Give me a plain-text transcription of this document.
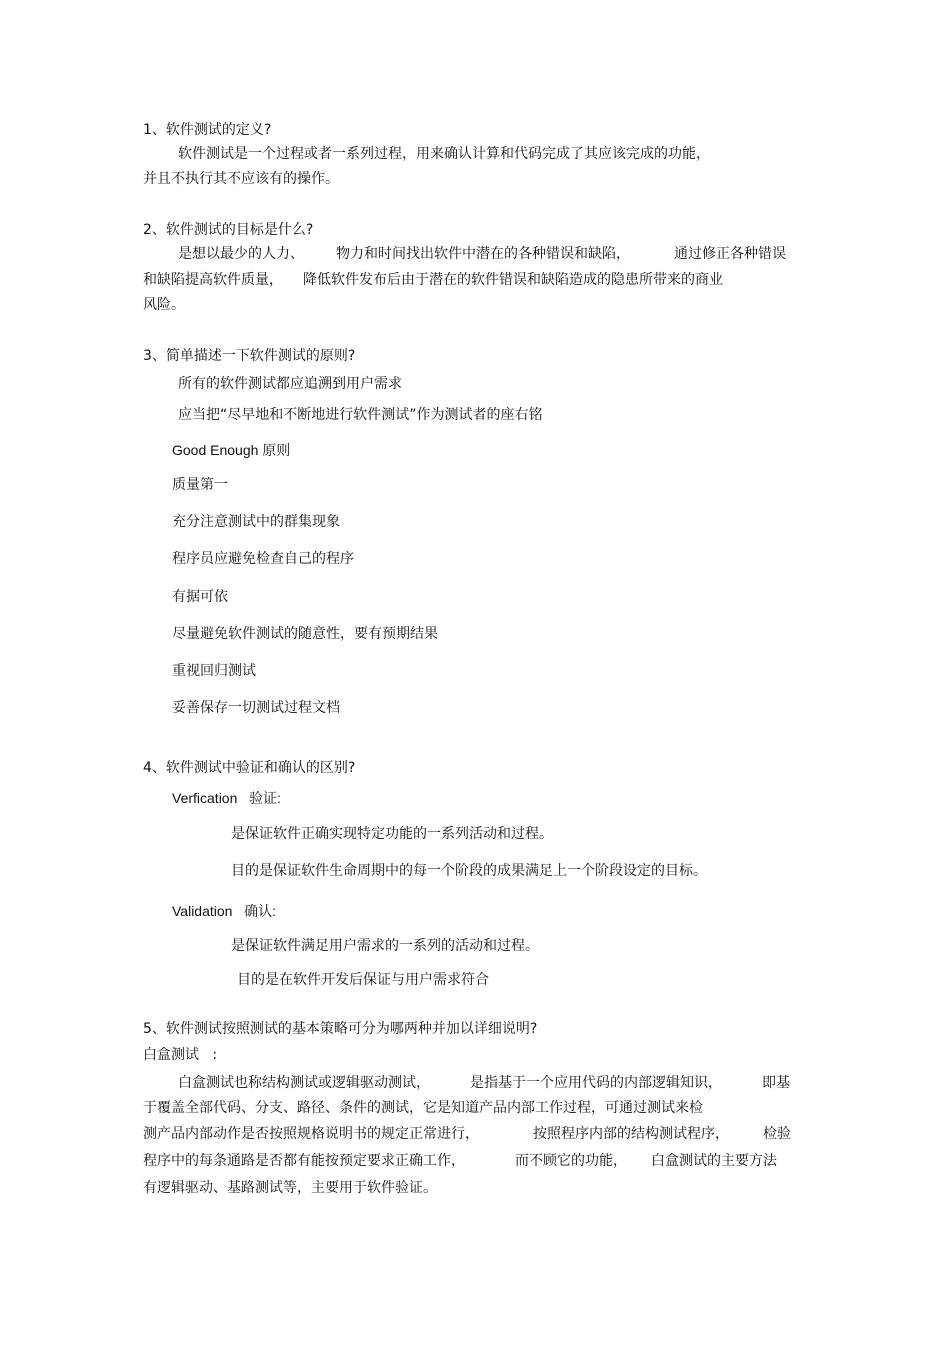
1、软件测试的定义?
软件测试是一个过程或者一系列过程，用来确认计算和代码完成了其应该完成的功能，
并且不执行其不应该有的操作。
2、软件测试的目标是什么?
是想以最少的人力、 物力和时间找出软件中潜在的各种错误和缺陷，	通过修正各种错误
和缺陷提高软件质量， 降低软件发布后由于潜在的软件错误和缺陷造成的隐患所带来的商业
风险。
3、简单描述一下软件测试的原则?
所有的软件测试都应追溯到用户需求
应当把“尽早地和不断地进行软件测试”作为测试者的座右铭
Good Enough 原则
质量第一
充分注意测试中的群集现象
程序员应避免检查自己的程序
有据可依
尽量避免软件测试的随意性，要有预期结果
重视回归测试
妥善保存一切测试过程文档
4、软件测试中验证和确认的区别?
Verfication   验证:
是保证软件正确实现特定功能的一系列活动和过程。
目的是保证软件生命周期中的每一个阶段的成果满足上一个阶段设定的目标。
Validation   确认:
是保证软件满足用户需求的一系列的活动和过程。
目的是在软件开发后保证与用户需求符合
5、软件测试按照测试的基本策略可分为哪两种并加以详细说明?
白盒测试   :
白盒测试也称结构测试或逻辑驱动测试，	是指基于一个应用代码的内部逻辑知识，	即基
于覆盖全部代码、分支、路径、条件的测试，它是知道产品内部工作过程，可通过测试来检
测产品内部动作是否按照规格说明书的规定正常进行，	按照程序内部的结构测试程序， 检验
程序中的每条通路是否都有能按预定要求正确工作，	而不顾它的功能， 白盒测试的主要方法
有逻辑驱动、基路测试等，主要用于软件验证。
